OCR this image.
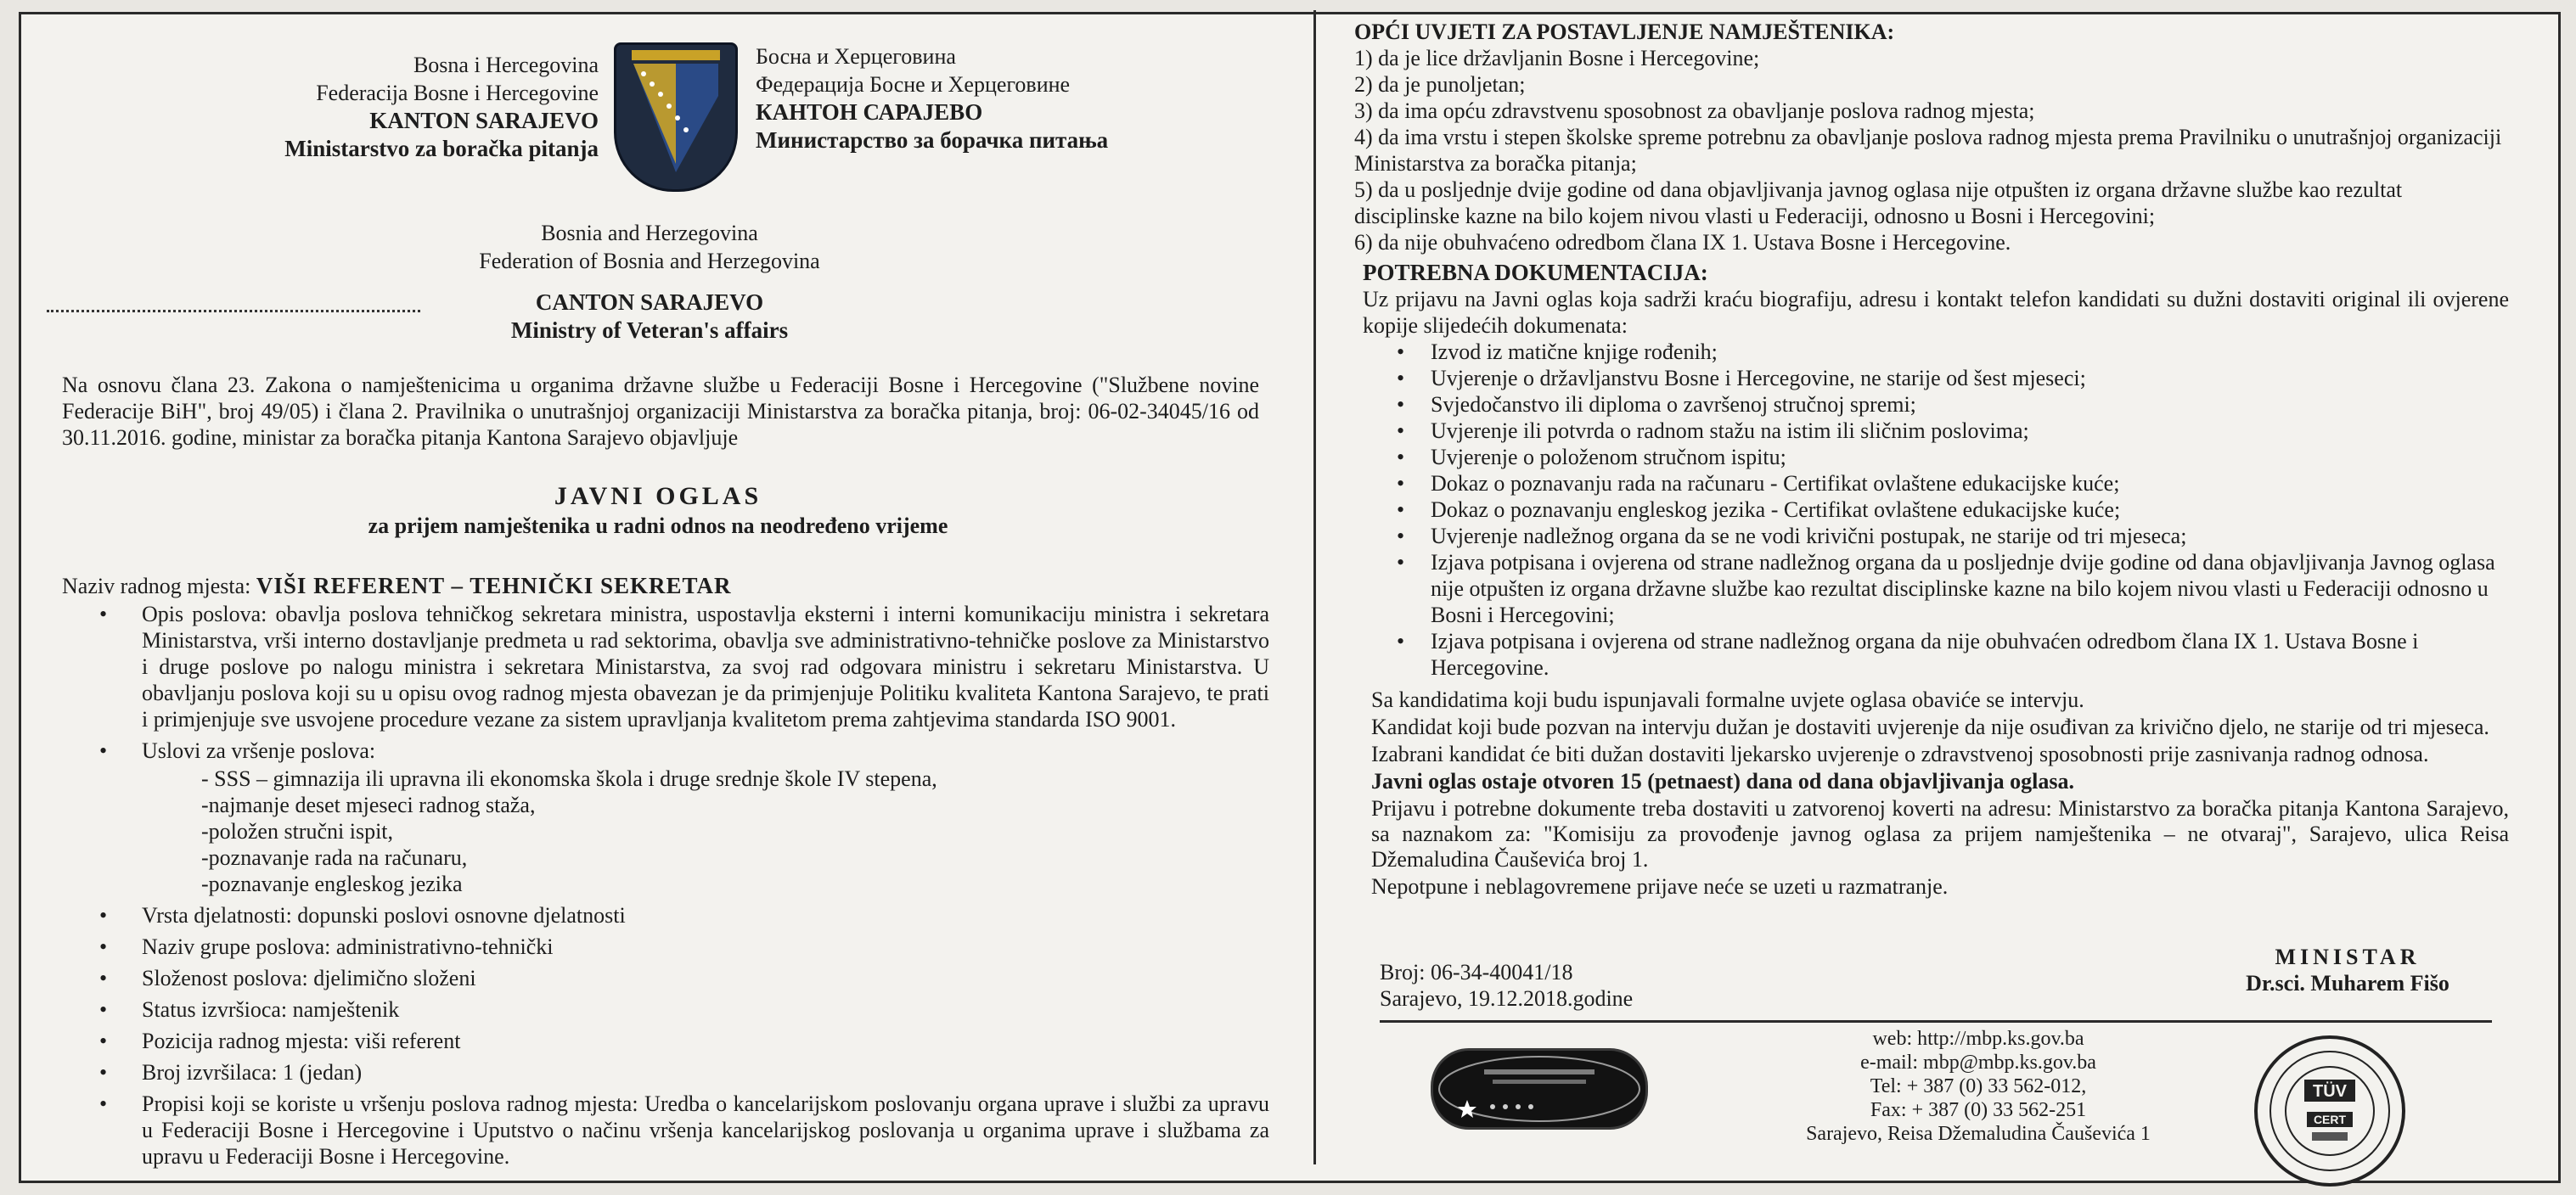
Bosna i Hercegovina
Federacija Bosne i Hercegovine
KANTON SARAJEVO
Ministarstvo za boračka pitanja
Босна и Херцеговина
Федерација Босне и Херцеговине
КАНТОН САРАЈЕВО
Министарство за борачка питања
Bosnia and Herzegovina
Federation of Bosnia and Herzegovina
CANTON SARAJEVO
Ministry of Veteran's affairs
Na osnovu člana 23. Zakona o namještenicima u organima državne službe u Federaciji Bosne i Hercegovine ("Službene novine Federacije BiH", broj 49/05) i člana 2. Pravilnika o unutrašnjoj organizaciji Ministarstva za boračka pitanja, broj: 06-02-34045/16 od 30.11.2016. godine, ministar za boračka pitanja Kantona Sarajevo objavljuje
JAVNI OGLAS
za prijem namještenika u radni odnos na neodređeno vrijeme
Naziv radnog mjesta: VIŠI REFERENT – TEHNIČKI SEKRETAR
• Opis poslova: obavlja poslova tehničkog sekretara ministra, uspostavlja eksterni i interni komunikaciju ministra i sekretara Ministarstva, vrši interno dostavljanje predmeta u rad sektorima, obavlja sve administrativno-tehničke poslove za Ministarstvo i druge poslove po nalogu ministra i sekretara Ministarstva, za svoj rad odgovara ministru i sekretaru Ministarstva. U obavljanju poslova koji su u opisu ovog radnog mjesta obavezan je da primjenjuje Politiku kvaliteta Kantona Sarajevo, te prati i primjenjuje sve usvojene procedure vezane za sistem upravljanja kvalitetom prema zahtjevima standarda ISO 9001.
• Uslovi za vršenje poslova:
- SSS – gimnazija ili upravna ili ekonomska škola i druge srednje škole IV stepena,
-najmanje deset mjeseci radnog staža,
-položen stručni ispit,
-poznavanje rada na računaru,
-poznavanje engleskog jezika
• Vrsta djelatnosti: dopunski poslovi osnovne djelatnosti
• Naziv grupe poslova: administrativno-tehnički
• Složenost poslova: djelimično složeni
• Status izvršioca: namještenik
• Pozicija radnog mjesta: viši referent
• Broj izvršilaca: 1 (jedan)
• Propisi koji se koriste u vršenju poslova radnog mjesta: Uredba o kancelarijskom poslovanju organa uprave i službi za upravu u Federaciji Bosne i Hercegovine i Uputstvo o načinu vršenja kancelarijskog poslovanja u organima uprave i službama za upravu u Federaciji Bosne i Hercegovine.

OPĆI UVJETI ZA POSTAVLJENJE NAMJEŠTENIKA:

1) da je lice državljanin Bosne i Hercegovine;

2) da je punoljetan;

3) da ima opću zdravstvenu sposobnost za obavljanje poslova radnog mjesta;

4) da ima vrstu i stepen školske spreme potrebnu za obavljanje poslova radnog mjesta prema Pravilniku o unutrašnjoj organizaciji Ministarstva za boračka pitanja;

5) da u posljednje dvije godine od dana objavljivanja javnog oglasa nije otpušten iz organa državne službe kao rezultat disciplinske kazne na bilo kojem nivou vlasti u Federaciji, odnosno u Bosni i Hercegovini;

6) da nije obuhvaćeno odredbom člana IX 1. Ustava Bosne i Hercegovine.

POTREBNA DOKUMENTACIJA:

Uz prijavu na Javni oglas koja sadrži kraću biografiju, adresu i kontakt telefon kandidati su dužni dostaviti original ili ovjerene kopije slijedećih dokumenata:

• Izvod iz matične knjige rođenih;
• Uvjerenje o državljanstvu Bosne i Hercegovine, ne starije od šest mjeseci;
• Svjedočanstvo ili diploma o završenoj stručnoj spremi;
• Uvjerenje ili potvrda o radnom stažu na istim ili sličnim poslovima;
• Uvjerenje o položenom stručnom ispitu;
• Dokaz o poznavanju rada na računaru - Certifikat ovlaštene edukacijske kuće;
• Dokaz o poznavanju engleskog jezika - Certifikat ovlaštene edukacijske kuće;
• Uvjerenje nadležnog organa da se ne vodi krivični postupak, ne starije od tri mjeseca;
• Izjava potpisana i ovjerena od strane nadležnog organa da u posljednje dvije godine od dana objavljivanja Javnog oglasa nije otpušten iz organa državne službe kao rezultat disciplinske kazne na bilo kojem nivou vlasti u Federaciji odnosno u Bosni i Hercegovini;
• Izjava potpisana i ovjerena od strane nadležnog organa da nije obuhvaćen odredbom člana IX 1. Ustava Bosne i Hercegovine.

Sa kandidatima koji budu ispunjavali formalne uvjete oglasa obaviće se intervju.

Kandidat koji bude pozvan na intervju dužan je dostaviti uvjerenje da nije osuđivan za krivično djelo, ne starije od tri mjeseca.

Izabrani kandidat će biti dužan dostaviti ljekarsko uvjerenje o zdravstvenoj sposobnosti prije zasnivanja radnog odnosa.

Javni oglas ostaje otvoren 15 (petnaest) dana od dana objavljivanja oglasa.

Prijavu i potrebne dokumente treba dostaviti u zatvorenoj koverti na adresu: Ministarstvo za boračka pitanja Kantona Sarajevo, sa naznakom za: "Komisiju za provođenje javnog oglasa za prijem namještenika – ne otvaraj", Sarajevo, ulica Reisa Džemaludina Čauševića broj 1.

Nepotpune i neblagovremene prijave neće se uzeti u razmatranje.

Broj: 06-34-40041/18
Sarajevo, 19.12.2018.godine
MINISTAR
Dr.sci. Muharem Fišo
web: http://mbp.ks.gov.ba
e-mail: mbp@mbp.ks.gov.ba
Tel: + 387 (0) 33 562-012,
Fax: + 387 (0) 33 562-251
Sarajevo, Reisa Džemaludina Čauševića 1
TÜV
CERT
